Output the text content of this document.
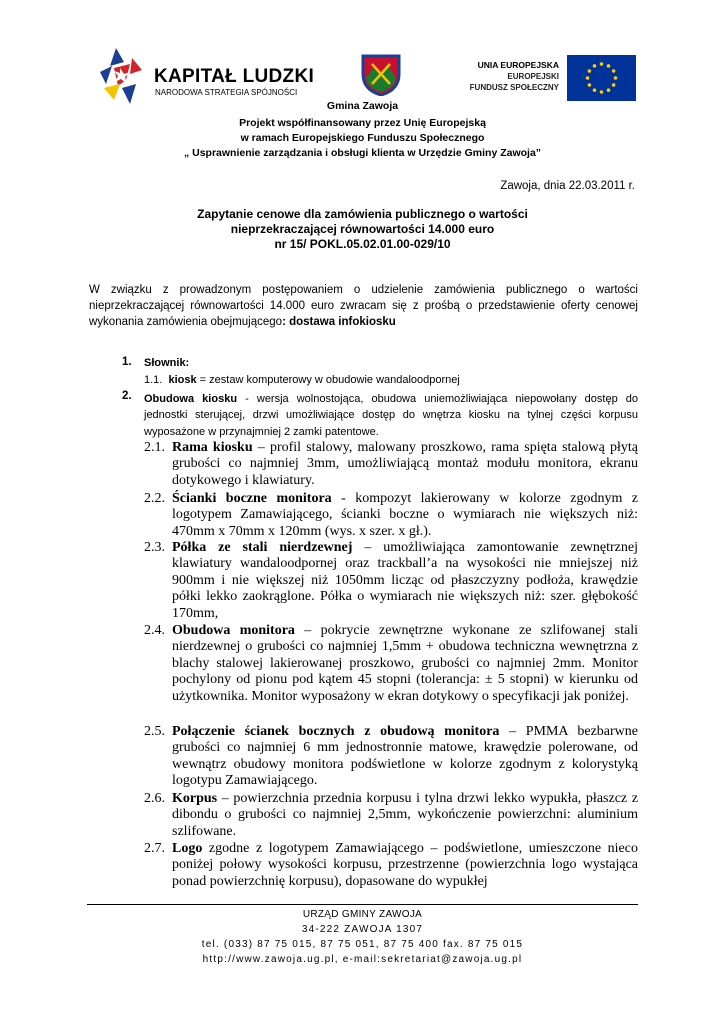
KAPITAŁ LUDZKI
NARODOWA STRATEGIA SPÓJNOŚCI
UNIA EUROPEJSKA
EUROPEJSKI
FUNDUSZ SPOŁECZNY
Gmina Zawoja
Projekt współfinansowany przez Unię Europejską
w ramach Europejskiego Funduszu Społecznego
„ Usprawnienie zarządzania i obsługi klienta w Urzędzie Gminy Zawoja”
Zawoja, dnia 22.03.2011 r.
Zapytanie cenowe dla zamówienia publicznego o wartości
nieprzekraczającej równowartości 14.000 euro
nr 15/ POKL.05.02.01.00-029/10
W związku z prowadzonym postępowaniem o udzielenie zamówienia publicznego o wartości nieprzekraczającej równowartości 14.000 euro zwracam się z prośbą o przedstawienie oferty cenowej wykonania zamówienia obejmującego: dostawa infokiosku
1. Słownik:
1.1. kiosk = zestaw komputerowy w obudowie wandaloodpornej
2. Obudowa kiosku - wersja wolnostojąca, obudowa uniemożliwiająca niepowołany dostęp do jednostki sterującej, drzwi umożliwiające dostęp do wnętrza kiosku na tylnej części korpusu wyposażone w przynajmniej 2 zamki patentowe.
2.1. Rama kiosku – profil stalowy, malowany proszkowo, rama spięta stalową płytą grubości co najmniej 3mm, umożliwiającą montaż modułu monitora, ekranu dotykowego i klawiatury.
2.2. Ścianki boczne monitora - kompozyt lakierowany w kolorze zgodnym z logotypem Zamawiającego, ścianki boczne o wymiarach nie większych niż: 470mm x 70mm x 120mm (wys. x szer. x gł.).
2.3. Półka ze stali nierdzewnej – umożliwiająca zamontowanie zewnętrznej klawiatury wandaloodpornej oraz trackball’a na wysokości nie mniejszej niż 900mm i nie większej niż 1050mm licząc od płaszczyzny podłoża, krawędzie półki lekko zaokrąglone. Półka o wymiarach nie większych niż: szer. głębokość 170mm,
2.4. Obudowa monitora – pokrycie zewnętrzne wykonane ze szlifowanej stali nierdzewnej o grubości co najmniej 1,5mm + obudowa techniczna wewnętrzna z blachy stalowej lakierowanej proszkowo, grubości co najmniej 2mm. Monitor pochylony od pionu pod kątem 45 stopni (tolerancja: ± 5 stopni) w kierunku od użytkownika. Monitor wyposażony w ekran dotykowy o specyfikacji jak poniżej.
2.5. Połączenie ścianek bocznych z obudową monitora – PMMA bezbarwne grubości co najmniej 6 mm jednostronnie matowe, krawędzie polerowane, od wewnątrz obudowy monitora podświetlone w kolorze zgodnym z kolorystyką logotypu Zamawiającego.
2.6. Korpus – powierzchnia przednia korpusu i tylna drzwi lekko wypukła, płaszcz z dibondu o grubości co najmniej 2,5mm, wykończenie powierzchni: aluminium szlifowane.
2.7. Logo zgodne z logotypem Zamawiającego – podświetlone, umieszczone nieco poniżej połowy wysokości korpusu, przestrzenne (powierzchnia logo wystająca ponad powierzchnię korpusu), dopasowane do wypukłej
URZĄD GMINY ZAWOJA
34-222 ZAWOJA 1307
tel. (033) 87 75 015, 87 75 051, 87 75 400 fax. 87 75 015
http://www.zawoja.ug.pl, e-mail:sekretariat@zawoja.ug.pl
